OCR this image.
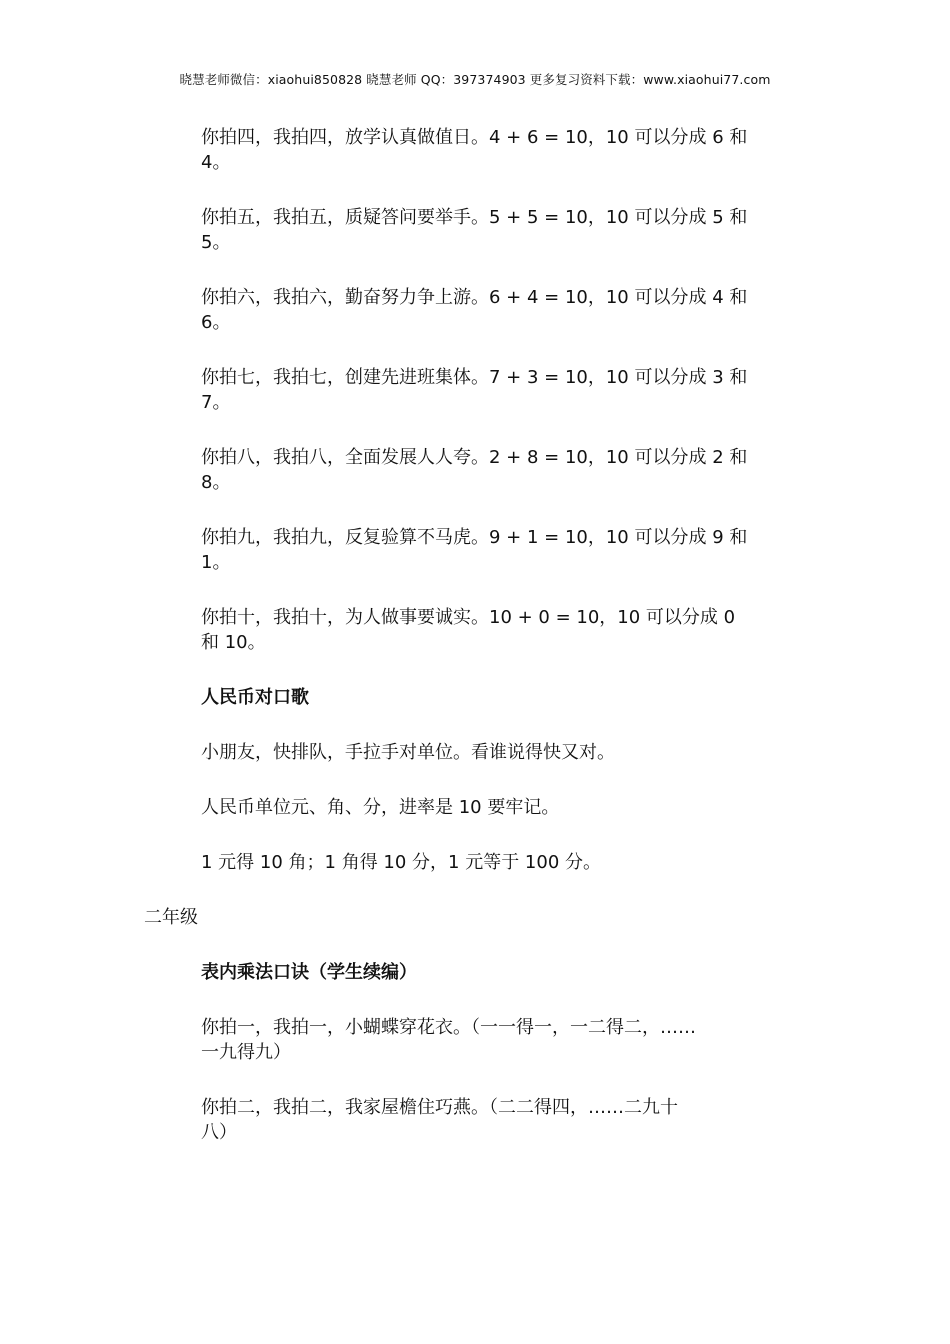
晓慧老师微信：xiaohui850828 晓慧老师 QQ：397374903 更多复习资料下载：www.xiaohui77.com

你拍四，我拍四，放学认真做值日。4 + 6 = 10，10 可以分成 6 和
4。

你拍五，我拍五，质疑答问要举手。5 + 5 = 10，10 可以分成 5 和
5。

你拍六，我拍六，勤奋努力争上游。6 + 4 = 10，10 可以分成 4 和
6。

你拍七，我拍七，创建先进班集体。7 + 3 = 10，10 可以分成 3 和
7。

你拍八，我拍八，全面发展人人夸。2 + 8 = 10，10 可以分成 2 和
8。

你拍九，我拍九，反复验算不马虎。9 + 1 = 10，10 可以分成 9 和
1。

你拍十，我拍十，为人做事要诚实。10 + 0 = 10，10 可以分成 0
和 10。

人民币对口歌

小朋友，快排队，手拉手对单位。看谁说得快又对。

人民币单位元、角、分，进率是 10 要牢记。

1 元得 10 角；1 角得 10 分，1 元等于 100 分。

二年级

表内乘法口诀（学生续编）

你拍一，我拍一，小蝴蝶穿花衣。（一一得一，一二得二，……
一九得九）

你拍二，我拍二，我家屋檐住巧燕。（二二得四，……二九十
八）
